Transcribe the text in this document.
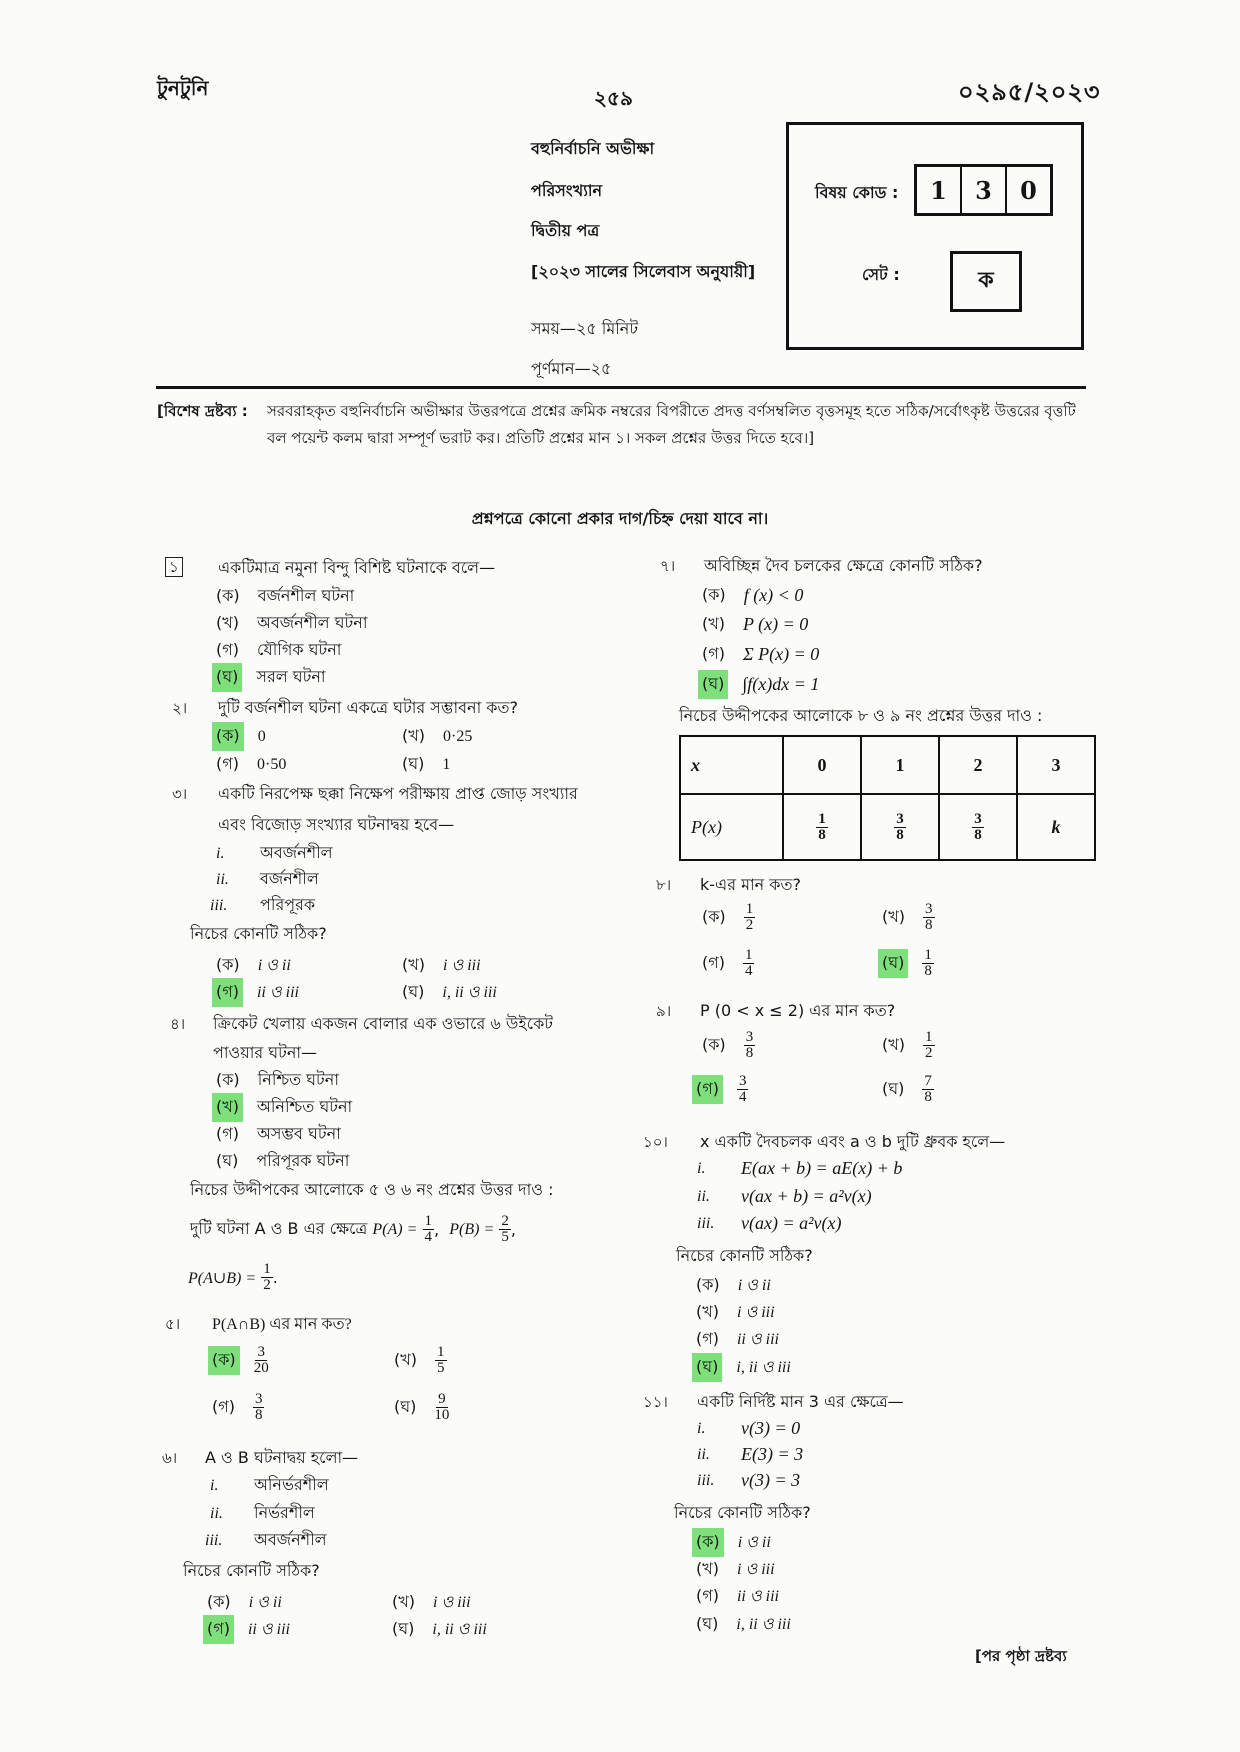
টুনটুনি	২৫৯	০২৯৫/২০২৩
বহুনির্বাচনি অভীক্ষা
পরিসংখ্যান
দ্বিতীয় পত্র
[২০২৩ সালের সিলেবাস অনুযায়ী]
সময়—২৫ মিনিট
পূর্ণমান—২৫
বিষয় কোড :	1	3	0
সেট :	ক
[বিশেষ দ্রষ্টব্য :	সরবরাহকৃত বহুনির্বাচনি অভীক্ষার উত্তরপত্রে প্রশ্নের ক্রমিক নম্বরের বিপরীতে প্রদত্ত বর্ণসম্বলিত বৃত্তসমূহ হতে সঠিক/সর্বোৎকৃষ্ট উত্তরের বৃত্তটি বল পয়েন্ট কলম দ্বারা সম্পূর্ণ ভরাট কর। প্রতিটি প্রশ্নের মান ১। সকল প্রশ্নের উত্তর দিতে হবে।]
প্রশ্নপত্রে কোনো প্রকার দাগ/চিহ্ন দেয়া যাবে না।
১ একটিমাত্র নমুনা বিন্দু বিশিষ্ট ঘটনাকে বলে—
(ক) বর্জনশীল ঘটনা
(খ) অবর্জনশীল ঘটনা
(গ) যৌগিক ঘটনা
(ঘ) সরল ঘটনা
২। দুটি বর্জনশীল ঘটনা একত্রে ঘটার সম্ভাবনা কত?
(ক) 0	(খ) 0·25
(গ) 0·50	(ঘ) 1
৩। একটি নিরপেক্ষ ছক্কা নিক্ষেপ পরীক্ষায় প্রাপ্ত জোড় সংখ্যার
এবং বিজোড় সংখ্যার ঘটনাদ্বয় হবে—
i.	অবর্জনশীল
ii.	বর্জনশীল
iii.	পরিপূরক
নিচের কোনটি সঠিক?
(ক) i ও ii	(খ) i ও iii
(গ) ii ও iii	(ঘ) i, ii ও iii
৪। ক্রিকেট খেলায় একজন বোলার এক ওভারে ৬ উইকেট
পাওয়ার ঘটনা—
(ক) নিশ্চিত ঘটনা
(খ) অনিশ্চিত ঘটনা
(গ) অসম্ভব ঘটনা
(ঘ) পরিপূরক ঘটনা
নিচের উদ্দীপকের আলোকে ৫ ও ৬ নং প্রশ্নের উত্তর দাও :
দুটি ঘটনা A ও B এর ক্ষেত্রে
P(A) =
$\frac{1}{4}$ , P(B) =
$\frac{2}{5}$ ,
P(A∪B) =
$\frac{1}{2}$ .
৫। P(A∩B) এর মান কত?
(ক) $\frac{3}{20}$	(খ) $\frac{1}{5}$
(গ) $\frac{3}{8}$	(ঘ) $\frac{9}{10}$
৬। A ও B ঘটনাদ্বয় হলো—
i.	অনির্ভরশীল
ii.	নির্ভরশীল
iii.	অবর্জনশীল
নিচের কোনটি সঠিক?
(ক) i ও ii	(খ) i ও iii
(গ) ii ও iii	(ঘ) i, ii ও iii
৭। অবিচ্ছিন্ন দৈব চলকের ক্ষেত্রে কোনটি সঠিক?
(ক) f (x) < 0
(খ) P (x) = 0
(গ) Σ P(x) = 0
(ঘ) ∫f(x)dx = 1
নিচের উদ্দীপকের আলোকে ৮ ও ৯ নং প্রশ্নের উত্তর দাও :
x	0	1	2	3
P(x)	$\frac{1}{8}$	$\frac{3}{8}$	$\frac{3}{8}$	k
৮। k-এর মান কত?
(ক) $\frac{1}{2}$	(খ) $\frac{3}{8}$
(গ) $\frac{1}{4}$	(ঘ) $\frac{1}{8}$
৯। P (0 < x ≤ 2) এর মান কত?
(ক) $\frac{3}{8}$	(খ) $\frac{1}{2}$
(গ) $\frac{3}{4}$	(ঘ) $\frac{7}{8}$
১০। x একটি দৈবচলক এবং a ও b দুটি ধ্রুবক হলে—
i.	E(ax + b) = aE(x) + b
ii.	v(ax + b) = a²v(x)
iii.	v(ax) = a²v(x)
নিচের কোনটি সঠিক?
(ক) i ও ii
(খ) i ও iii
(গ) ii ও iii
(ঘ) i, ii ও iii
১১। একটি নির্দিষ্ট মান 3 এর ক্ষেত্রে—
i.	v(3) = 0
ii.	E(3) = 3
iii.	v(3) = 3
নিচের কোনটি সঠিক?
(ক) i ও ii
(খ) i ও iii
(গ) ii ও iii
(ঘ) i, ii ও iii
[পর পৃষ্ঠা দ্রষ্টব্য
